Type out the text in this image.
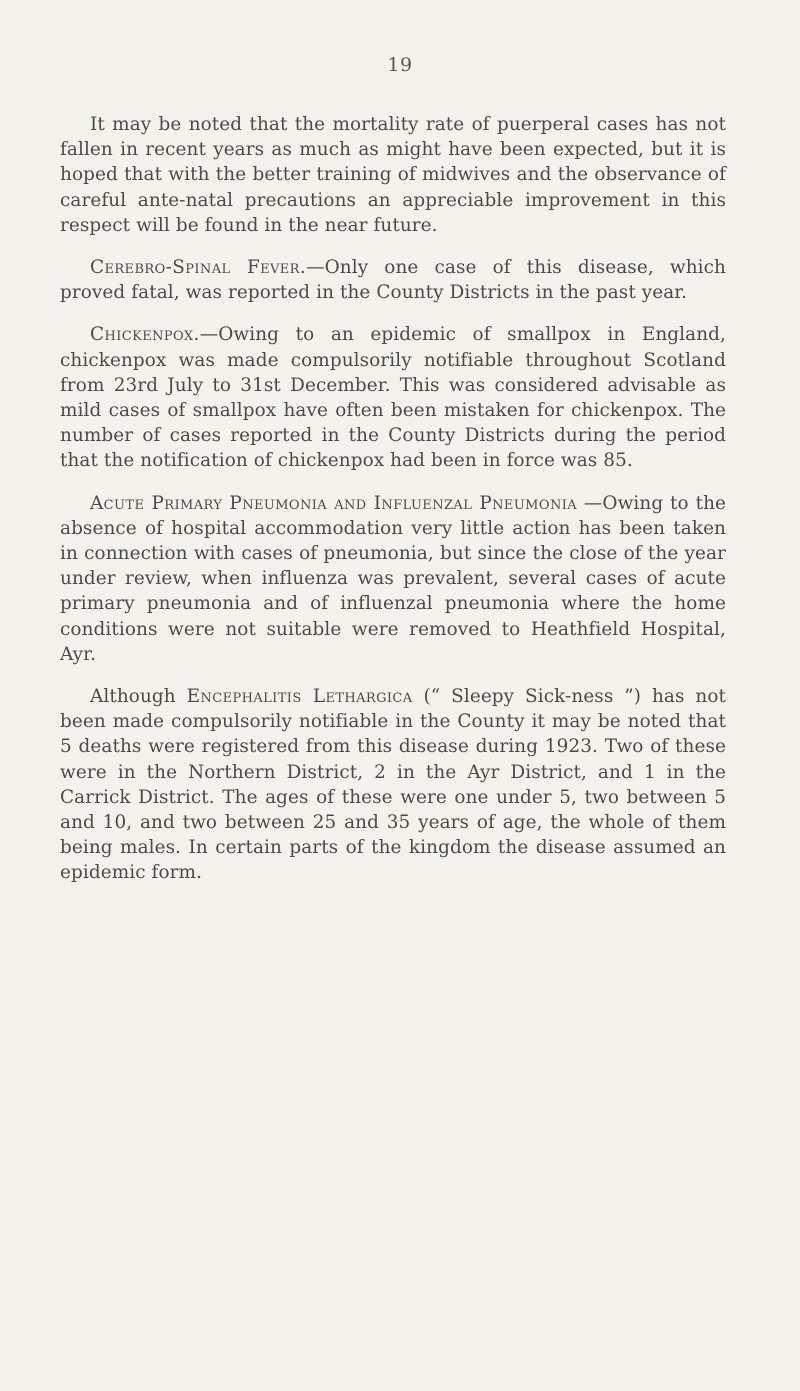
19

It may be noted that the mortality rate of puerperal cases has not fallen in recent years as much as might have been expected, but it is hoped that with the better training of midwives and the observance of careful ante-natal precautions an appreciable improvement in this respect will be found in the near future.

Cerebro-Spinal Fever.—Only one case of this disease, which proved fatal, was reported in the County Districts in the past year.

Chickenpox.—Owing to an epidemic of smallpox in England, chickenpox was made compulsorily notifiable throughout Scotland from 23rd July to 31st December. This was considered advisable as mild cases of smallpox have often been mistaken for chickenpox. The number of cases reported in the County Districts during the period that the notification of chickenpox had been in force was 85.

Acute Primary Pneumonia and Influenzal Pneumonia —Owing to the absence of hospital accommodation very little action has been taken in connection with cases of pneumonia, but since the close of the year under review, when influenza was prevalent, several cases of acute primary pneumonia and of influenzal pneumonia where the home conditions were not suitable were removed to Heathfield Hospital, Ayr.

Although Encephalitis Lethargica (“ Sleepy Sick-ness ”) has not been made compulsorily notifiable in the County it may be noted that 5 deaths were registered from this disease during 1923. Two of these were in the Northern District, 2 in the Ayr District, and 1 in the Carrick District. The ages of these were one under 5, two between 5 and 10, and two between 25 and 35 years of age, the whole of them being males. In certain parts of the kingdom the disease assumed an epidemic form.
